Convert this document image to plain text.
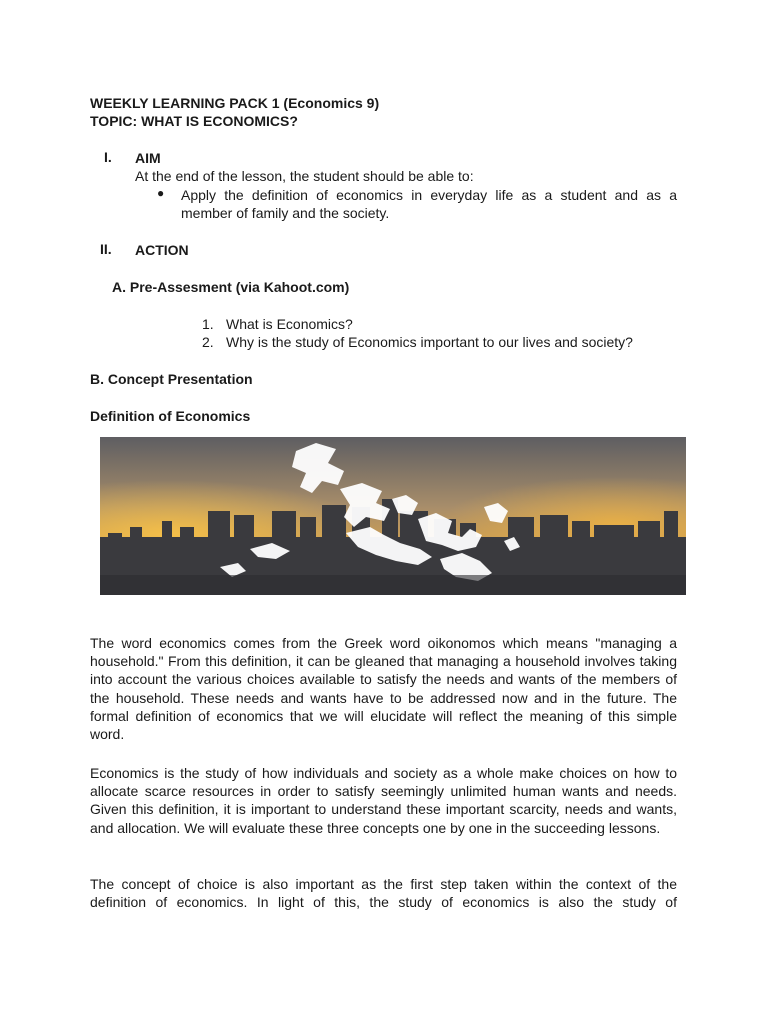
WEEKLY LEARNING PACK 1 (Economics 9)
TOPIC: WHAT IS ECONOMICS?
I. AIM
At the end of the lesson, the student should be able to:
● Apply the definition of economics in everyday life as a student and as a
member of family and the society.
II. ACTION
A. Pre-Assesment (via Kahoot.com)
1. What is Economics?
2. Why is the study of Economics important to our lives and society?
B. Concept Presentation
Definition of Economics
The word economics comes from the Greek word oikonomos which means "managing a household." From this definition, it can be gleaned that managing a household involves taking into account the various choices available to satisfy the needs and wants of the members of the household. These needs and wants have to be addressed now and in the future. The formal definition of economics that we will elucidate will reflect the meaning of this simple word.
Economics is the study of how individuals and society as a whole make choices on how to allocate scarce resources in order to satisfy seemingly unlimited human wants and needs. Given this definition, it is important to understand these important scarcity, needs and wants, and allocation. We will evaluate these three concepts one by one in the succeeding lessons.
The concept of choice is also important as the first step taken within the context of the definition of economics. In light of this, the study of economics is also the study of
